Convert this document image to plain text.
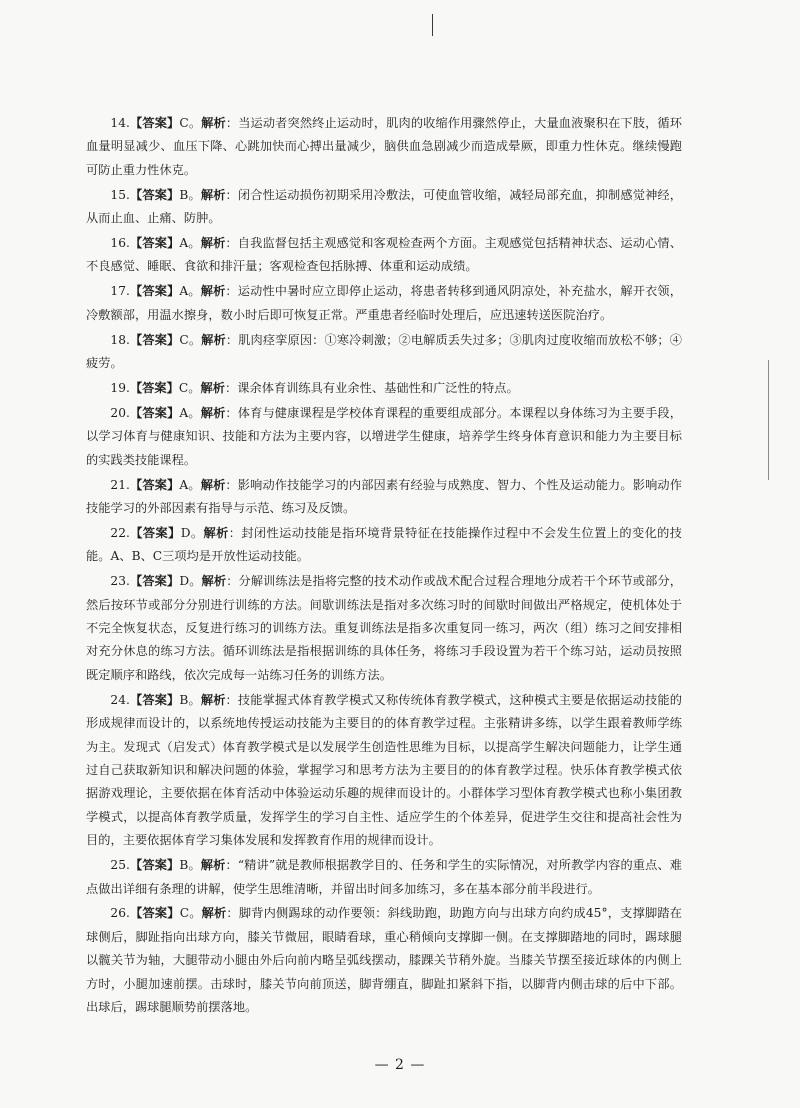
14.【答案】C。解析：当运动者突然终止运动时，肌肉的收缩作用骤然停止，大量血液聚积在下肢，循环血量明显减少、血压下降、心跳加快而心搏出量减少，脑供血急剧减少而造成晕厥，即重力性休克。继续慢跑可防止重力性休克。

15.【答案】B。解析：闭合性运动损伤初期采用冷敷法，可使血管收缩，减轻局部充血，抑制感觉神经，从而止血、止痛、防肿。

16.【答案】A。解析：自我监督包括主观感觉和客观检查两个方面。主观感觉包括精神状态、运动心情、不良感觉、睡眠、食欲和排汗量；客观检查包括脉搏、体重和运动成绩。

17.【答案】A。解析：运动性中暑时应立即停止运动，将患者转移到通风阴凉处，补充盐水，解开衣领，冷敷额部，用温水擦身，数小时后即可恢复正常。严重患者经临时处理后，应迅速转送医院治疗。

18.【答案】C。解析：肌肉痉挛原因：①寒冷刺激；②电解质丢失过多；③肌肉过度收缩而放松不够；④疲劳。

19.【答案】C。解析：课余体育训练具有业余性、基础性和广泛性的特点。

20.【答案】A。解析：体育与健康课程是学校体育课程的重要组成部分。本课程以身体练习为主要手段，以学习体育与健康知识、技能和方法为主要内容，以增进学生健康，培养学生终身体育意识和能力为主要目标的实践类技能课程。

21.【答案】A。解析：影响动作技能学习的内部因素有经验与成熟度、智力、个性及运动能力。影响动作技能学习的外部因素有指导与示范、练习及反馈。

22.【答案】D。解析：封闭性运动技能是指环境背景特征在技能操作过程中不会发生位置上的变化的技能。A、B、C三项均是开放性运动技能。

23.【答案】D。解析：分解训练法是指将完整的技术动作或战术配合过程合理地分成若干个环节或部分，然后按环节或部分分别进行训练的方法。间歇训练法是指对多次练习时的间歇时间做出严格规定，使机体处于不完全恢复状态，反复进行练习的训练方法。重复训练法是指多次重复同一练习，两次（组）练习之间安排相对充分休息的练习方法。循环训练法是指根据训练的具体任务，将练习手段设置为若干个练习站，运动员按照既定顺序和路线，依次完成每一站练习任务的训练方法。

24.【答案】B。解析：技能掌握式体育教学模式又称传统体育教学模式，这种模式主要是依据运动技能的形成规律而设计的，以系统地传授运动技能为主要目的的体育教学过程。主张精讲多练，以学生跟着教师学练为主。发现式（启发式）体育教学模式是以发展学生创造性思维为目标，以提高学生解决问题能力，让学生通过自己获取新知识和解决问题的体验，掌握学习和思考方法为主要目的的体育教学过程。快乐体育教学模式依据游戏理论，主要依据在体育活动中体验运动乐趣的规律而设计的。小群体学习型体育教学模式也称小集团教学模式，以提高体育教学质量，发挥学生的学习自主性、适应学生的个体差异，促进学生交往和提高社会性为目的，主要依据体育学习集体发展和发挥教育作用的规律而设计。

25.【答案】B。解析：“精讲”就是教师根据教学目的、任务和学生的实际情况，对所教学内容的重点、难点做出详细有条理的讲解，使学生思维清晰，并留出时间多加练习，多在基本部分前半段进行。

26.【答案】C。解析：脚背内侧踢球的动作要领：斜线助跑，助跑方向与出球方向约成45°，支撑脚踏在球侧后，脚趾指向出球方向，膝关节微屈，眼睛看球，重心稍倾向支撑脚一侧。在支撑脚踏地的同时，踢球腿以髋关节为轴，大腿带动小腿由外后向前内略呈弧线摆动，膝踝关节稍外旋。当膝关节摆至接近球体的内侧上方时，小腿加速前摆。击球时，膝关节向前顶送，脚背绷直，脚趾扣紧斜下指，以脚背内侧击球的后中下部。出球后，踢球腿顺势前摆落地。

— 2 —
